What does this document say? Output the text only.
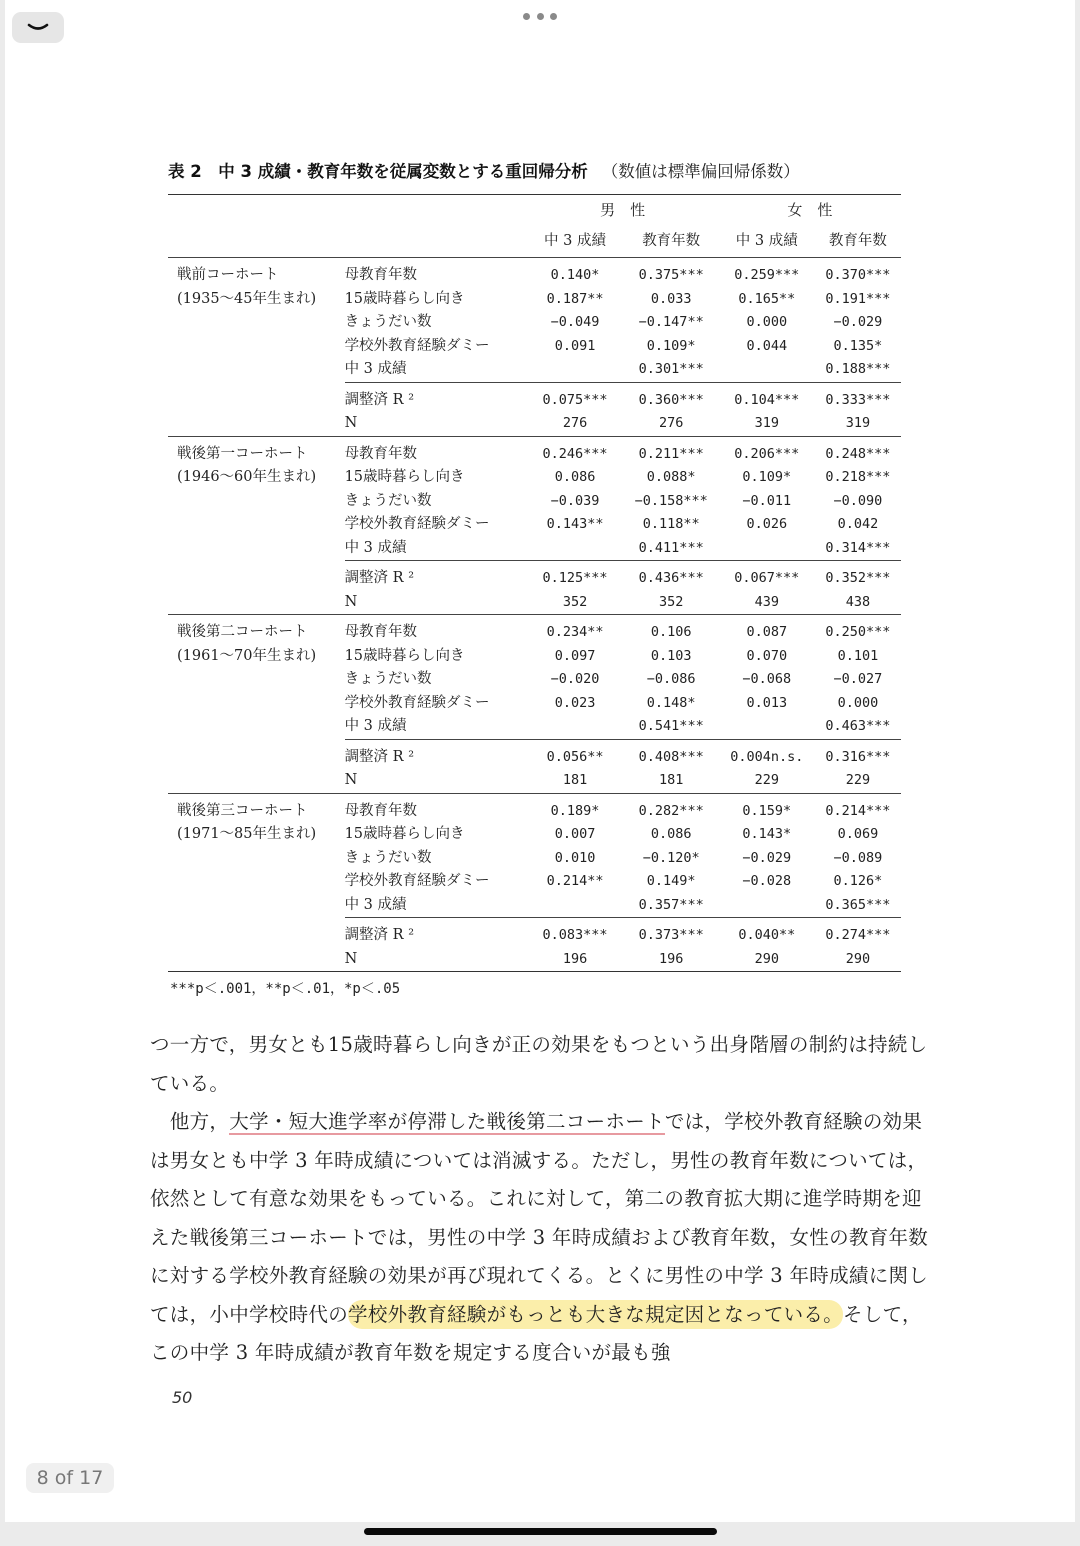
表 2　中 3 成績・教育年数を従属変数とする重回帰分析 （数値は標準偏回帰係数）
		男　性		女　性	
		中 3 成績	教育年数	中 3 成績	教育年数
戦前コーホート	母教育年数	0.140*	0.375***	0.259***	0.370***
(1935〜45年生まれ)	15歳時暮らし向き	0.187**	0.033	0.165**	0.191***
	きょうだい数	−0.049	−0.147**	0.000	−0.029
	学校外教育経験ダミー	0.091	0.109*	0.044	0.135*
	中 3 成績		0.301***		0.188***
	調整済 R ²	0.075***	0.360***	0.104***	0.333***
	N	276	276	319	319
戦後第一コーホート	母教育年数	0.246***	0.211***	0.206***	0.248***
(1946〜60年生まれ)	15歳時暮らし向き	0.086	0.088*	0.109*	0.218***
	きょうだい数	−0.039	−0.158***	−0.011	−0.090
	学校外教育経験ダミー	0.143**	0.118**	0.026	0.042
	中 3 成績		0.411***		0.314***
	調整済 R ²	0.125***	0.436***	0.067***	0.352***
	N	352	352	439	438
戦後第二コーホート	母教育年数	0.234**	0.106	0.087	0.250***
(1961〜70年生まれ)	15歳時暮らし向き	0.097	0.103	0.070	0.101
	きょうだい数	−0.020	−0.086	−0.068	−0.027
	学校外教育経験ダミー	0.023	0.148*	0.013	0.000
	中 3 成績		0.541***		0.463***
	調整済 R ²	0.056**	0.408***	0.004n.s.	0.316***
	N	181	181	229	229
戦後第三コーホート	母教育年数	0.189*	0.282***	0.159*	0.214***
(1971〜85年生まれ)	15歳時暮らし向き	0.007	0.086	0.143*	0.069
	きょうだい数	0.010	−0.120*	−0.029	−0.089
	学校外教育経験ダミー	0.214**	0.149*	−0.028	0.126*
	中 3 成績		0.357***		0.365***
	調整済 R ²	0.083***	0.373***	0.040**	0.274***
	N	196	196	290	290
***p＜.001，**p＜.01，*p＜.05

つ一方で，男女とも15歳時暮らし向きが正の効果をもつという出身階層の制約は持続している。

　他方，大学・短大進学率が停滞した戦後第二コーホートでは，学校外教育経験の効果は男女とも中学 3 年時成績については消滅する。ただし，男性の教育年数については，依然として有意な効果をもっている。これに対して，第二の教育拡大期に進学時期を迎えた戦後第三コーホートでは，男性の中学 3 年時成績および教育年数，女性の教育年数に対する学校外教育経験の効果が再び現れてくる。とくに男性の中学 3 年時成績に関しては，小中学校時代の学校外教育経験がもっとも大きな規定因となっている。そして，この中学 3 年時成績が教育年数を規定する度合いが最も強

50
8 of 17
